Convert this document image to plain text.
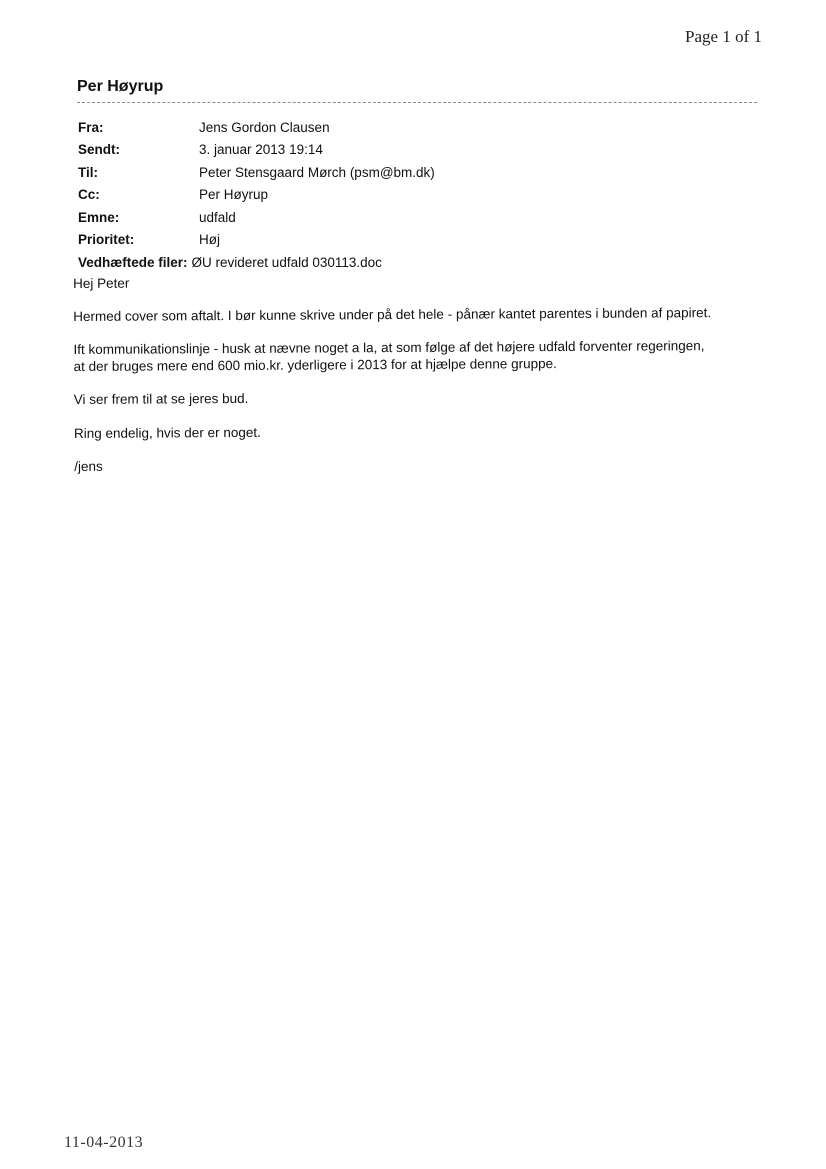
Page 1 of 1
Per Høyrup
Fra:	Jens Gordon Clausen
Sendt:	3. januar 2013 19:14
Til:	Peter Stensgaard Mørch (psm@bm.dk)
Cc:	Per Høyrup
Emne:	udfald
Prioritet:	Høj
Vedhæftede filer: ØU revideret udfald 030113.doc

Hej Peter

Hermed cover som aftalt. I bør kunne skrive under på det hele - pånær kantet parentes i bunden af papiret.

Ift kommunikationslinje - husk at nævne noget a la, at som følge af det højere udfald forventer regeringen, at der bruges mere end 600 mio.kr. yderligere i 2013 for at hjælpe denne gruppe.

Vi ser frem til at se jeres bud.

Ring endelig, hvis der er noget.

/jens

11-04-2013
